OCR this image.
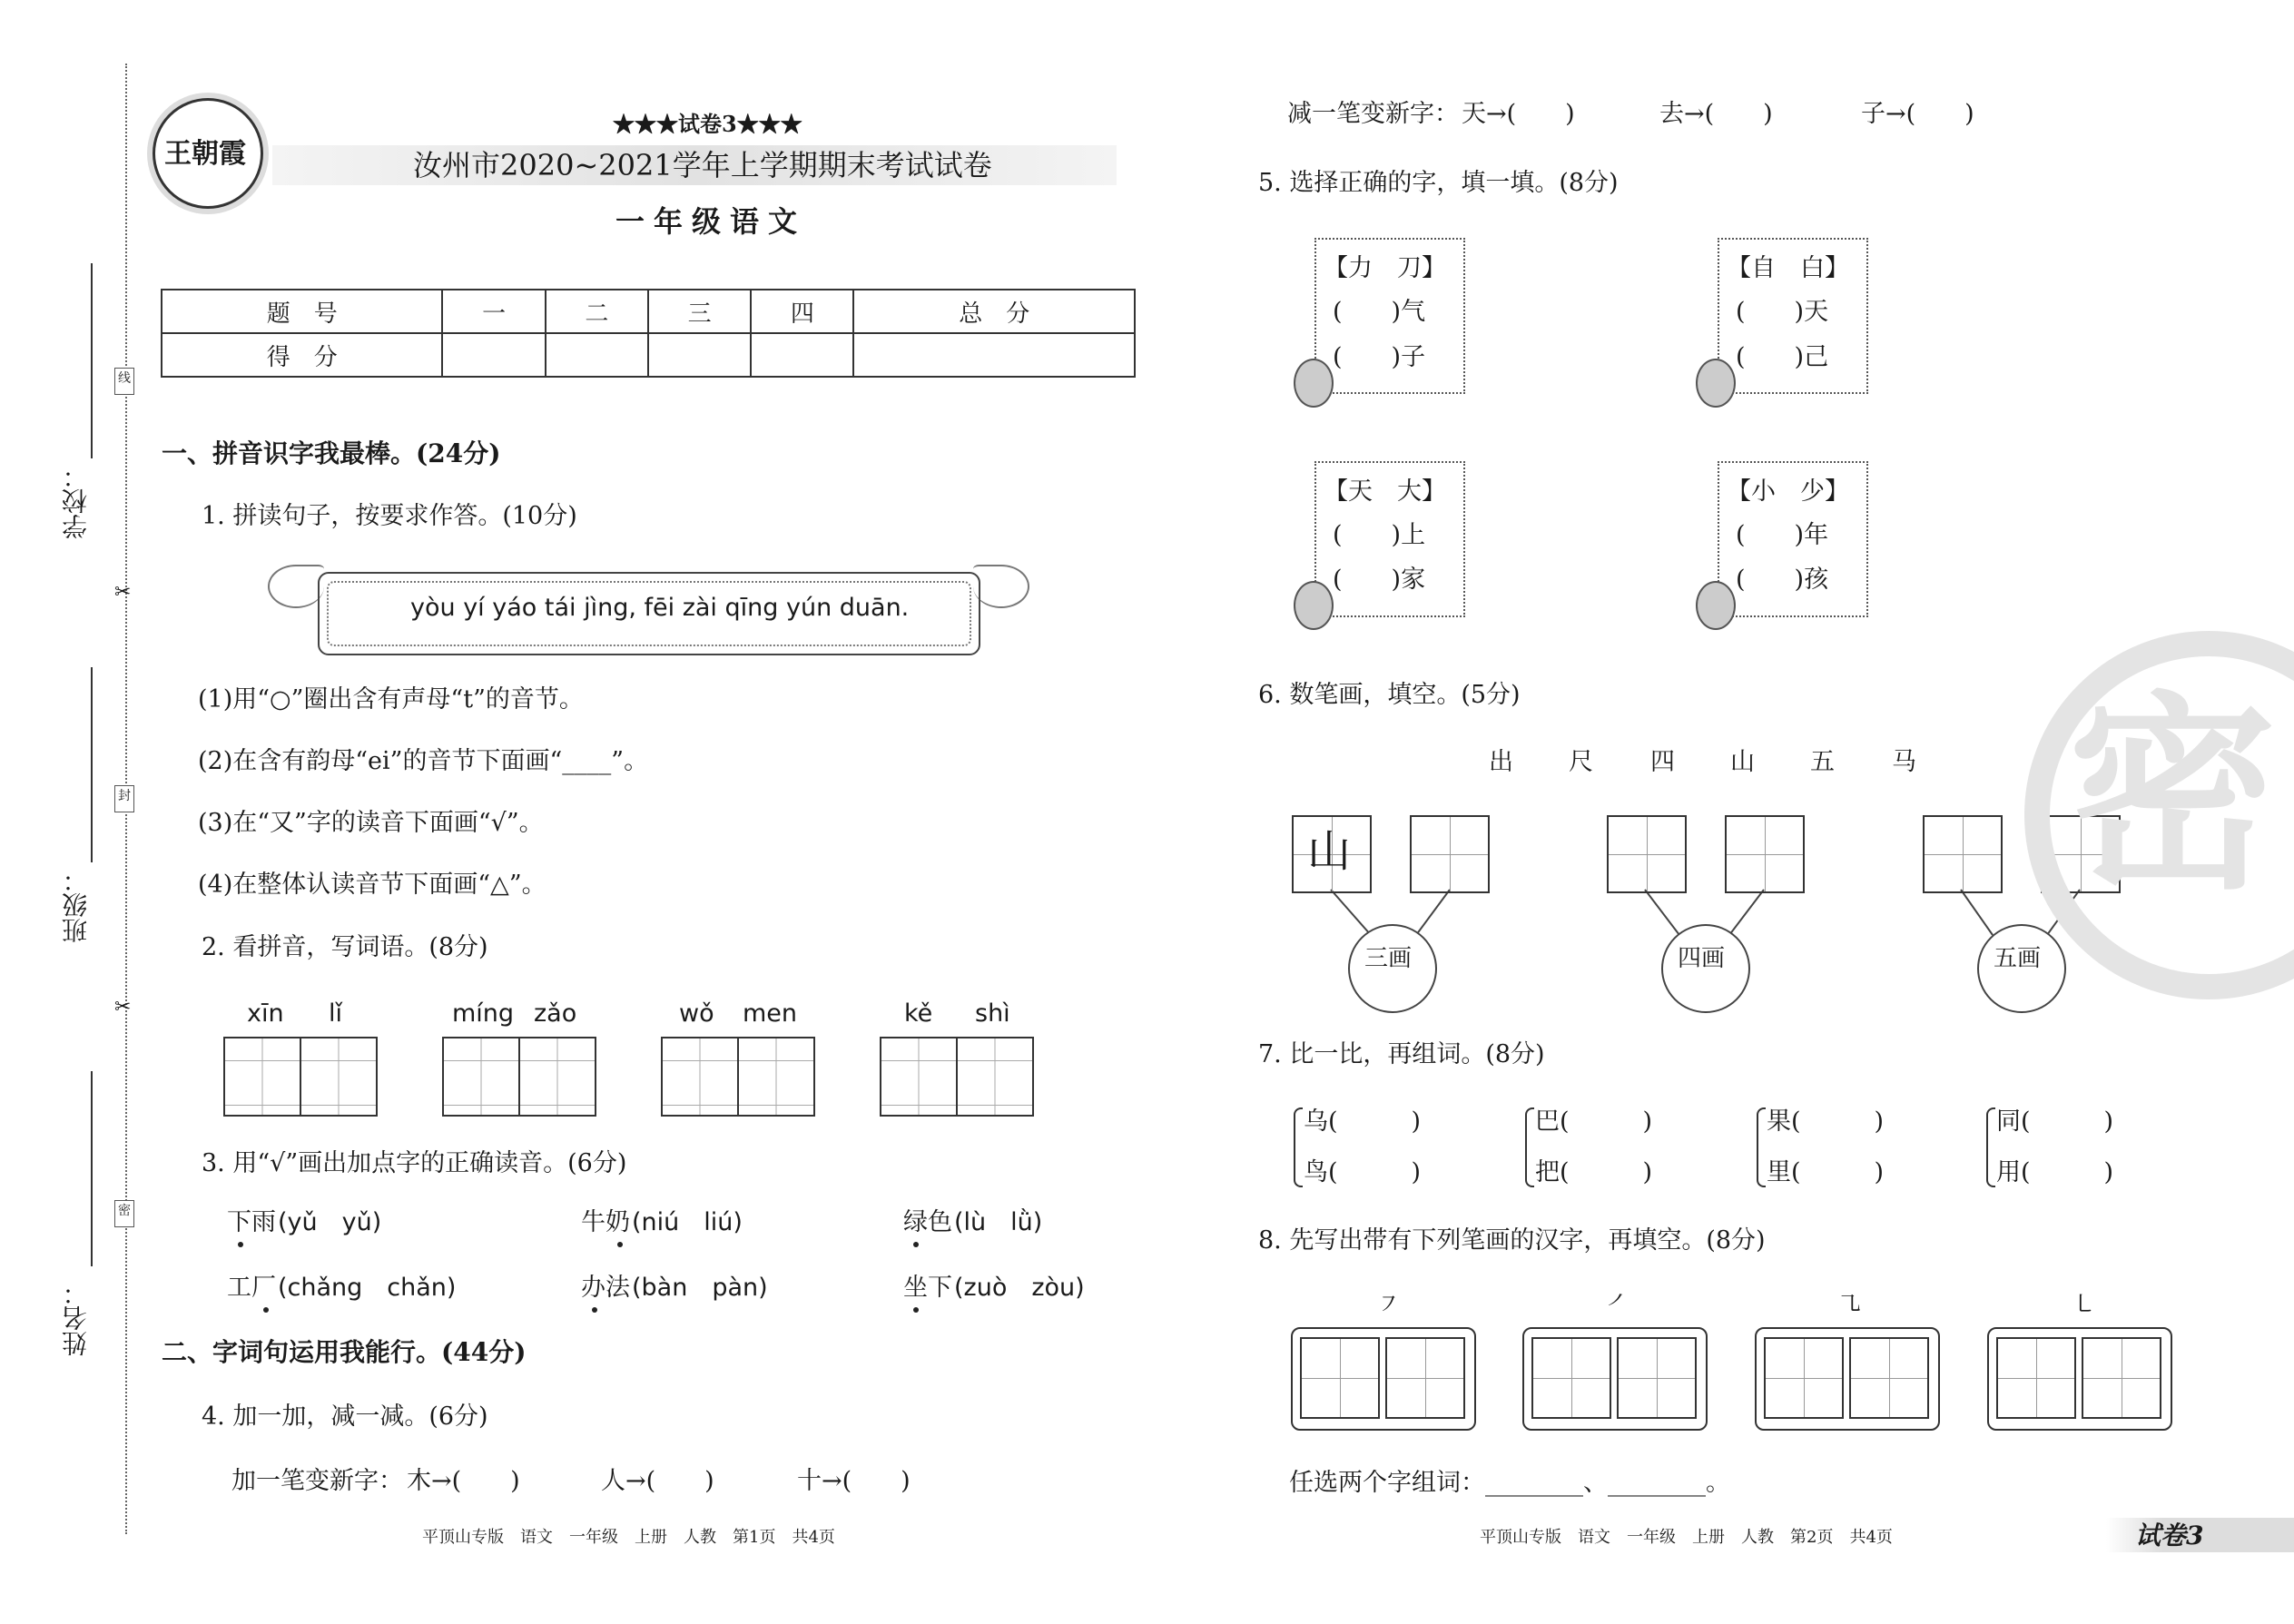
学校：
班级：
姓名：
线
封
密
✂
✂
王朝霞
★★★试卷3★★★
汝州市2020~2021学年上学期期末考试试卷
一年级语文
题　号	一	二	三	四	总　分
得　分					
一、拼音识字我最棒。(24分)
1. 拼读句子，按要求作答。(10分)
yòu yí yáo tái jìng, fēi zài qīng yún duān.
(1)用“○”圈出含有声母“t”的音节。
(2)在含有韵母“ei”的音节下面画“____”。
(3)在“又”字的读音下面画“√”。
(4)在整体认读音节下面画“△”。
2. 看拼音，写词语。(8分)
xīn lǐ	míng zǎo	wǒ men	kě shì
3. 用“√”画出加点字的正确读音。(6分)
下雨 (yǔ　yǔ)	牛奶 (niú　liú)	绿色 (lù　lǜ)
工厂 (chǎng　chǎn)	办法 (bàn　pàn)	坐下 (zuò　zòu)
二、字词句运用我能行。(44分)
4. 加一加，减一减。(6分)
加一笔变新字： 木→(　　)	人→(　　)	十→(　　)
平顶山专版　语文　一年级　上册　人教　第1页　共4页
减一笔变新字： 天→(　　)	去→(　　)	子→(　　)
5. 选择正确的字，填一填。(8分)
【力　刀】
(　　)气
(　　)子
【自　白】
(　　)天
(　　)己
【天　大】
(　　)上
(　　)家
【小　少】
(　　)年
(　　)孩
6. 数笔画，填空。(5分)
出 尺 四 山 五 马
山
三画	四画	五画
7. 比一比，再组词。(8分)
乌(　　　)
鸟(　　　)
巴(　　　)
把(　　　)
果(　　　)
里(　　　)
同(　　　)
用(　　　)
8. 先写出带有下列笔画的汉字，再填空。(8分)
㇇	㇒	㇈	㇄
任选两个字组词：________、________。
密
平顶山专版　语文　一年级　上册　人教　第2页　共4页	试卷3
